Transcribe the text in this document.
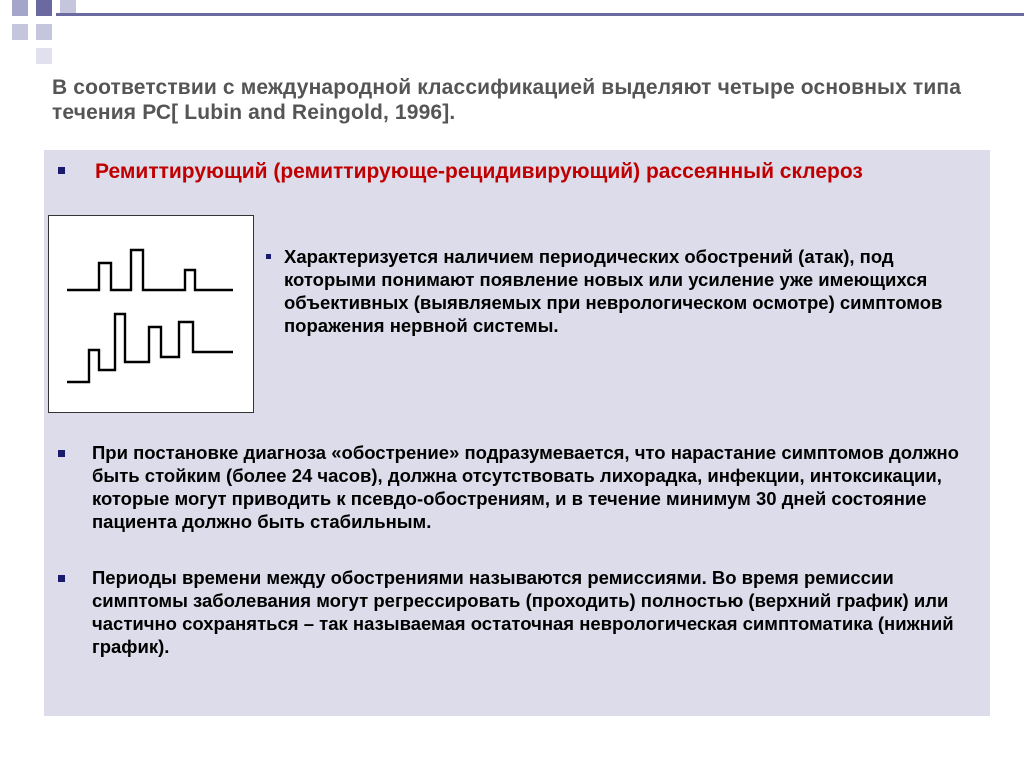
В соответствии с международной классификацией выделяют четыре основных типа течения РС[ Lubin and Reingold, 1996].
Ремиттирующий (ремиттирующе-рецидивирующий) рассеянный склероз
Характеризуется наличием периодических обострений (атак), под которыми понимают появление новых или усиление уже имеющихся объективных (выявляемых при неврологическом осмотре) симптомов поражения нервной системы.
При постановке диагноза «обострение» подразумевается, что нарастание симптомов должно быть стойким (более 24 часов), должна отсутствовать лихорадка, инфекции, интоксикации, которые могут приводить к псевдо-обострениям, и в течение минимум 30 дней состояние пациента должно быть стабильным.
Периоды времени между обострениями называются ремиссиями. Во время ремиссии симптомы заболевания могут регрессировать (проходить) полностью (верхний график) или частично сохраняться – так называемая остаточная неврологическая симптоматика (нижний график).
